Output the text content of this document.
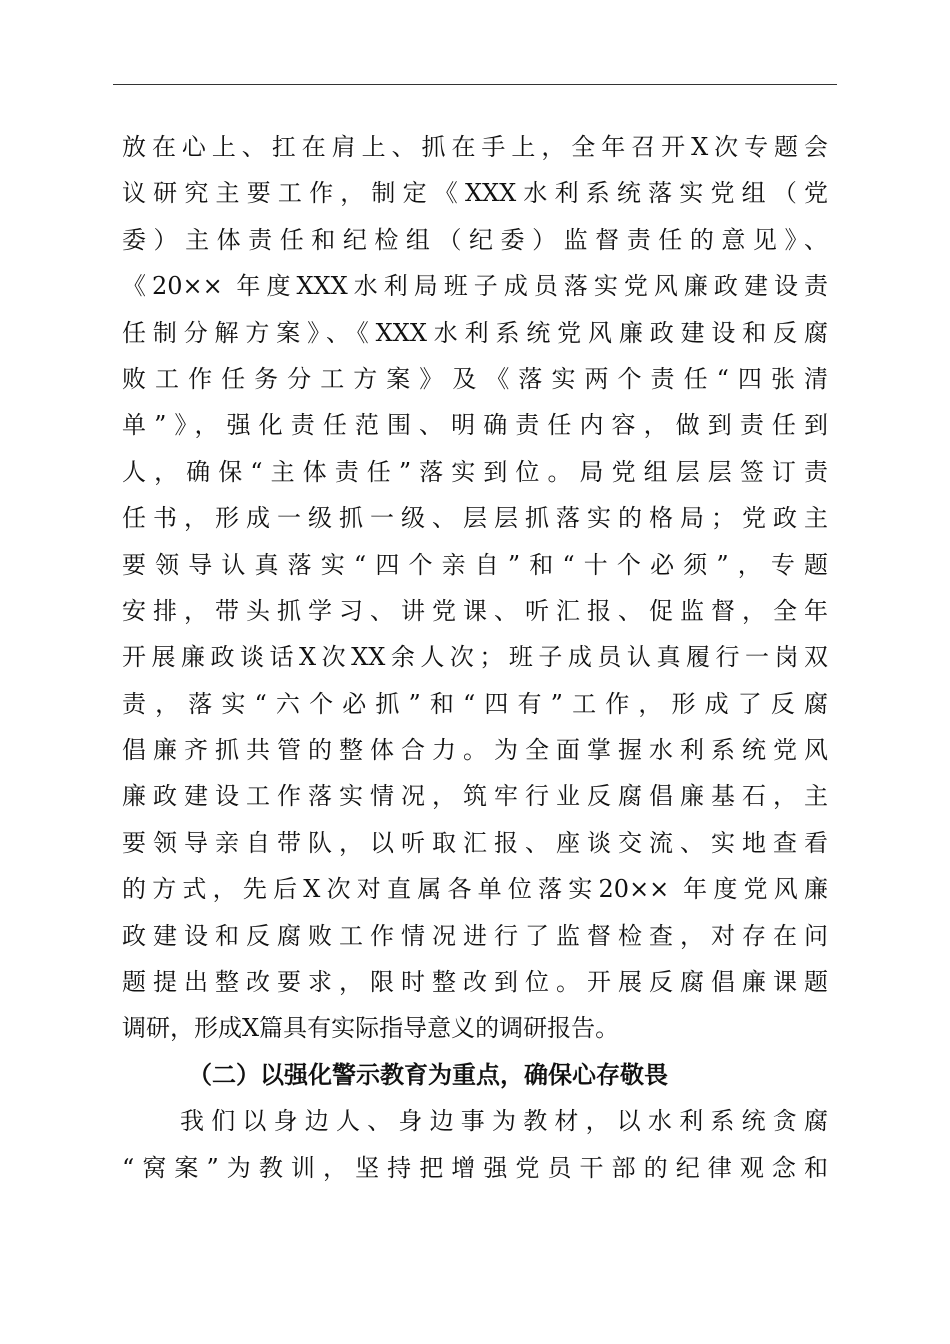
放在心上、扛在肩上、抓在手上，全年召开X次专题会
议研究主要工作，制定《XXX水利系统落实党组（党
委）主体责任和纪检组（纪委）监督责任的意见》、
《20×× 年度XXX水利局班子成员落实党风廉政建设责
任制分解方案》、《XXX水利系统党风廉政建设和反腐
败工作任务分工方案》及《落实两个责任“四张清
单”》，强化责任范围、明确责任内容，做到责任到
人，确保“主体责任”落实到位。局党组层层签订责
任书，形成一级抓一级、层层抓落实的格局；党政主
要领导认真落实“四个亲自”和“十个必须”，专题
安排，带头抓学习、讲党课、听汇报、促监督，全年
开展廉政谈话X次XX余人次；班子成员认真履行一岗双
责，落实“六个必抓”和“四有”工作，形成了反腐
倡廉齐抓共管的整体合力。为全面掌握水利系统党风
廉政建设工作落实情况，筑牢行业反腐倡廉基石，主
要领导亲自带队，以听取汇报、座谈交流、实地查看
的方式，先后X次对直属各单位落实20×× 年度党风廉
政建设和反腐败工作情况进行了监督检查，对存在问
题提出整改要求，限时整改到位。开展反腐倡廉课题
调研，形成X篇具有实际指导意义的调研报告。
（二）以强化警示教育为重点，确保心存敬畏
我们以身边人、身边事为教材，以水利系统贪腐
“窝案”为教训，坚持把增强党员干部的纪律观念和
